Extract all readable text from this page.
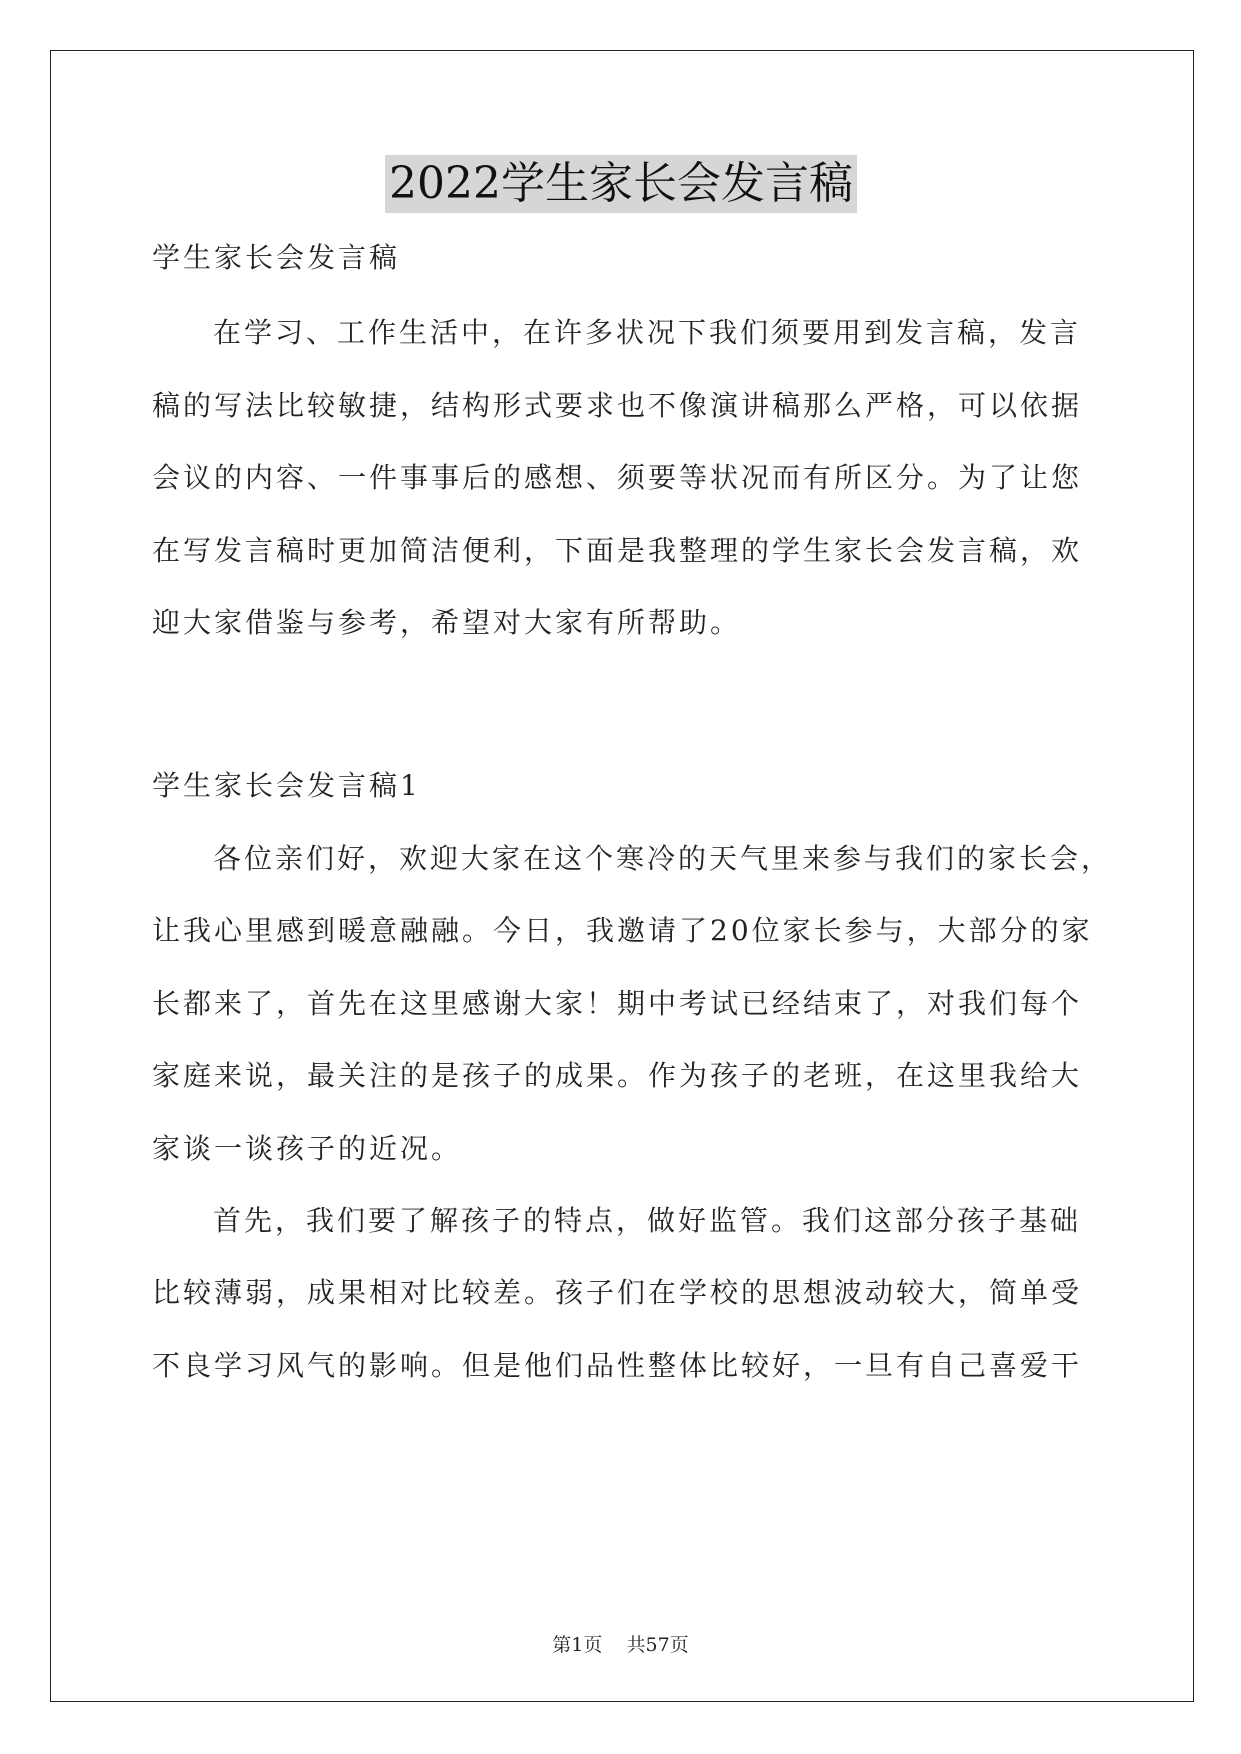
2022学生家长会发言稿
学生家长会发言稿
在学习、工作生活中，在许多状况下我们须要用到发言稿，发言
稿的写法比较敏捷，结构形式要求也不像演讲稿那么严格，可以依据
会议的内容、一件事事后的感想、须要等状况而有所区分。为了让您
在写发言稿时更加简洁便利，下面是我整理的学生家长会发言稿，欢
迎大家借鉴与参考，希望对大家有所帮助。
学生家长会发言稿1
各位亲们好，欢迎大家在这个寒冷的天气里来参与我们的家长会，
让我心里感到暖意融融。今日，我邀请了20位家长参与，大部分的家
长都来了，首先在这里感谢大家！期中考试已经结束了，对我们每个
家庭来说，最关注的是孩子的成果。作为孩子的老班，在这里我给大
家谈一谈孩子的近况。
首先，我们要了解孩子的特点，做好监管。我们这部分孩子基础
比较薄弱，成果相对比较差。孩子们在学校的思想波动较大，简单受
不良学习风气的影响。但是他们品性整体比较好，一旦有自己喜爱干
第1页    共57页
